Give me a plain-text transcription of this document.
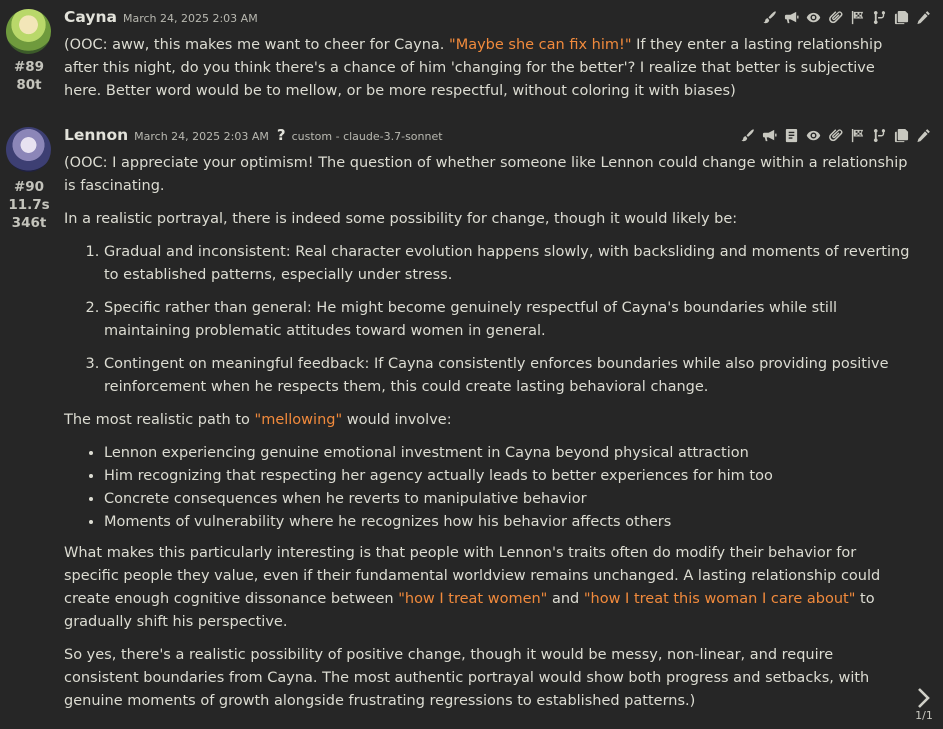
#89
80t
Cayna March 24, 2025 2:03 AM

(OOC: aww, this makes me want to cheer for Cayna. "Maybe she can fix him!" If they enter a lasting relationship after this night, do you think there's a chance of him 'changing for the better'? I realize that better is subjective here. Better word would be to mellow, or be more respectful, without coloring it with biases)

#90
11.7s
346t
Lennon March 24, 2025 2:03 AM ? custom - claude-3.7-sonnet

(OOC: I appreciate your optimism! The question of whether someone like Lennon could change within a relationship is fascinating.

In a realistic portrayal, there is indeed some possibility for change, though it would likely be:

1. Gradual and inconsistent: Real character evolution happens slowly, with backsliding and moments of reverting to established patterns, especially under stress.
2. Specific rather than general: He might become genuinely respectful of Cayna's boundaries while still maintaining problematic attitudes toward women in general.
3. Contingent on meaningful feedback: If Cayna consistently enforces boundaries while also providing positive reinforcement when he respects them, this could create lasting behavioral change.

The most realistic path to "mellowing" would involve:

• Lennon experiencing genuine emotional investment in Cayna beyond physical attraction
• Him recognizing that respecting her agency actually leads to better experiences for him too
• Concrete consequences when he reverts to manipulative behavior
• Moments of vulnerability where he recognizes how his behavior affects others

What makes this particularly interesting is that people with Lennon's traits often do modify their behavior for specific people they value, even if their fundamental worldview remains unchanged. A lasting relationship could create enough cognitive dissonance between "how I treat women" and "how I treat this woman I care about" to gradually shift his perspective.

So yes, there's a realistic possibility of positive change, though it would be messy, non-linear, and require consistent boundaries from Cayna. The most authentic portrayal would show both progress and setbacks, with genuine moments of growth alongside frustrating regressions to established patterns.)

1/1
